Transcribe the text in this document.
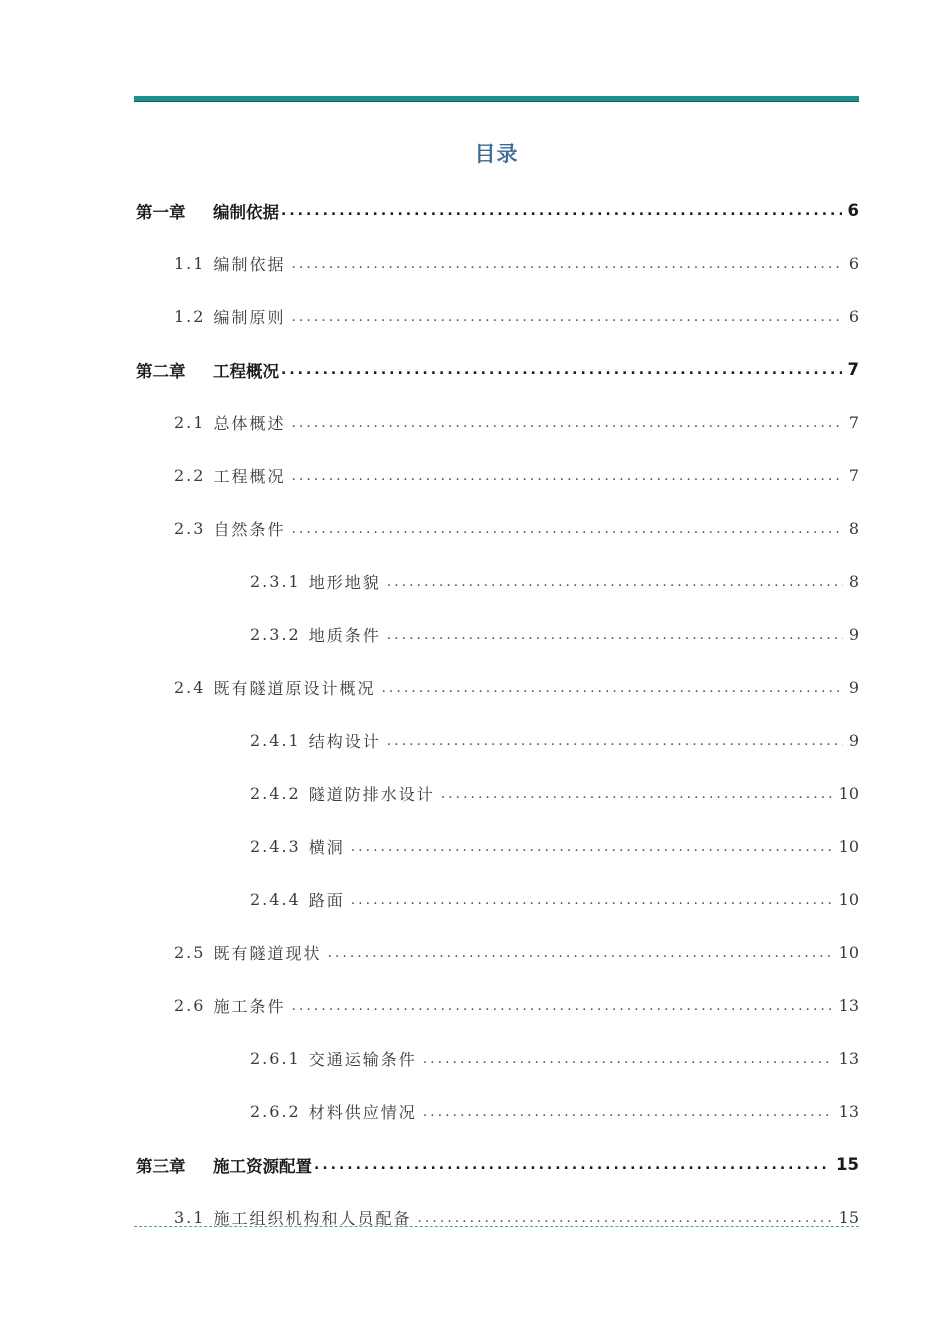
目录
第一章	编制依据 .....	6
1.1 编制依据 .....	6
1.2 编制原则 .....	6
第二章	工程概况 .....	7
2.1 总体概述 .....	7
2.2 工程概况 .....	7
2.3 自然条件 .....	8
2.3.1 地形地貌 .....	8
2.3.2 地质条件 .....	9
2.4 既有隧道原设计概况 .....	9
2.4.1 结构设计 .....	9
2.4.2 隧道防排水设计 .....	10
2.4.3 横洞 .....	10
2.4.4 路面 .....	10
2.5 既有隧道现状 .....	10
2.6 施工条件 .....	13
2.6.1 交通运输条件 .....	13
2.6.2 材料供应情况 .....	13
第三章	施工资源配置 .....	15
3.1 施工组织机构和人员配备 .....	15
